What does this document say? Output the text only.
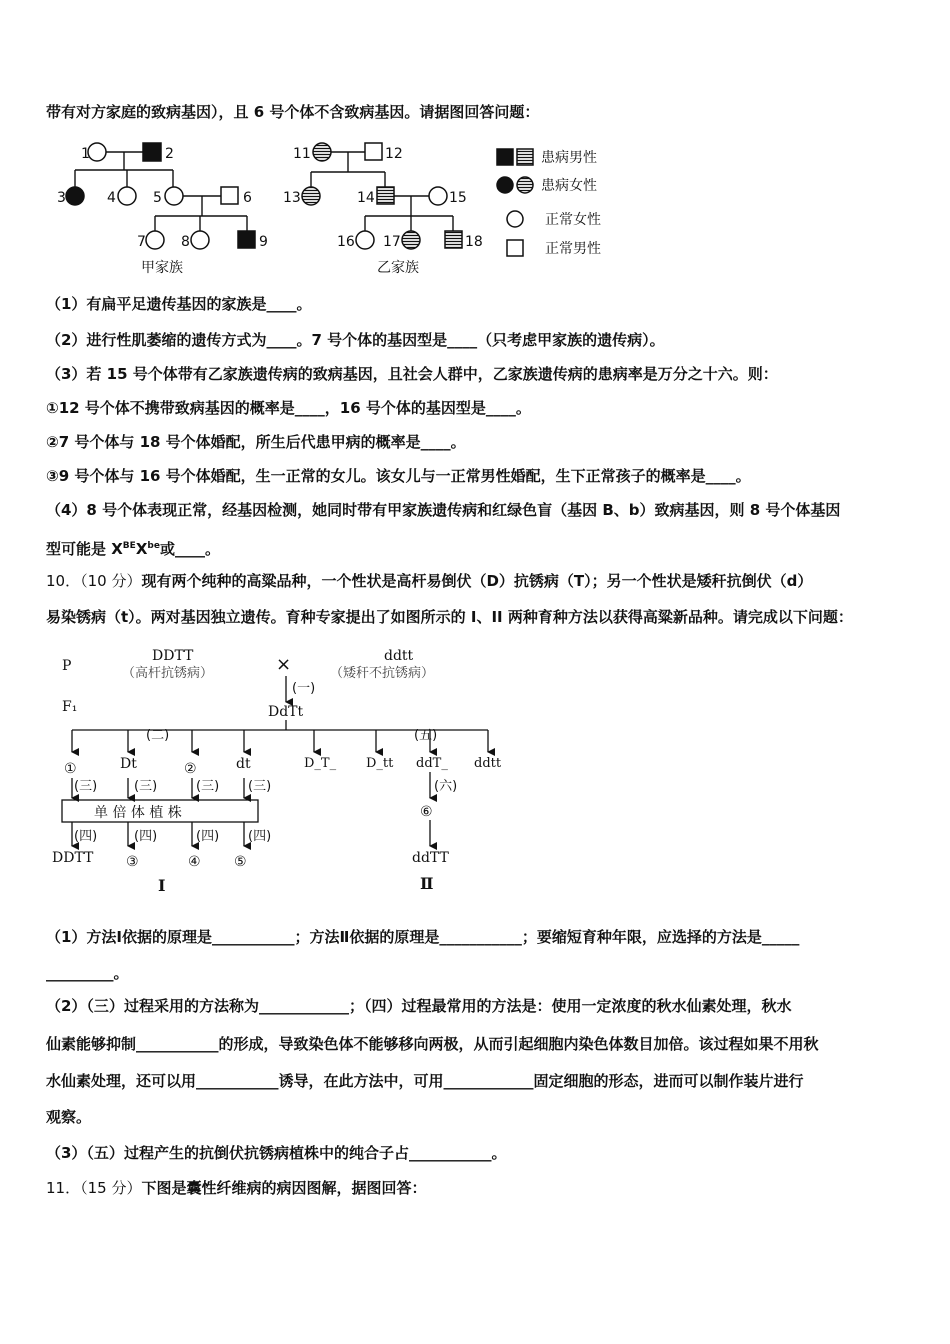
带有对方家庭的致病基因），且 6 号个体不含致病基因。请据图回答问题：
1	2
3	4	5	6
7	8	9
11	12
13	14	15
16 17	18
甲家族	乙家族
患病男性
患病女性
正常女性
正常男性
（1）有扁平足遗传基因的家族是____。
（2）进行性肌萎缩的遗传方式为____。7 号个体的基因型是____（只考虑甲家族的遗传病）。
（3）若 15 号个体带有乙家族遗传病的致病基因，且社会人群中，乙家族遗传病的患病率是万分之十六。则：
①12 号个体不携带致病基因的概率是____，16 号个体的基因型是____。
②7 号个体与 18 号个体婚配，所生后代患甲病的概率是____。
③9 号个体与 16 号个体婚配，生一正常的女儿。该女儿与一正常男性婚配，生下正常孩子的概率是____。
（4）8 号个体表现正常，经基因检测，她同时带有甲家族遗传病和红绿色盲（基因 B、b）致病基因，则 8 号个体基因
型可能是 $X^{BE}X^{be}$或____。
10．（10 分）现有两个纯种的高粱品种，一个性状是高杆易倒伏（D）抗锈病（T）；另一个性状是矮秆抗倒伏（d）
易染锈病（t）。两对基因独立遗传。育种专家提出了如图所示的 I、II 两种育种方法以获得高粱新品种。请完成以下问题：
P
F₁
DDTT
（高杆抗锈病）	×	ddtt
（矮秆不抗锈病）
(一)
DdTt
(二)	(五)
①	Dt	②	dt
(三)	(三)	(三) (三)
单 倍 体 植 株
(四)	(四)	(四) (四)
DDTT ③	④ ⑤
D_T_ D_tt ddT_ ddtt
(六)
⑥
ddTT
I	Ⅱ
（1）方法Ⅰ依据的原理是___________；方法Ⅱ依据的原理是___________；要缩短育种年限，应选择的方法是_____
_________。
（2）（三）过程采用的方法称为____________；（四）过程最常用的方法是：使用一定浓度的秋水仙素处理，秋水
仙素能够抑制___________的形成，导致染色体不能够移向两极，从而引起细胞内染色体数目加倍。该过程如果不用秋
水仙素处理，还可以用___________诱导，在此方法中，可用____________固定细胞的形态，进而可以制作装片进行
观察。
（3）（五）过程产生的抗倒伏抗锈病植株中的纯合子占___________。
11．（15 分）下图是囊性纤维病的病因图解，据图回答：
